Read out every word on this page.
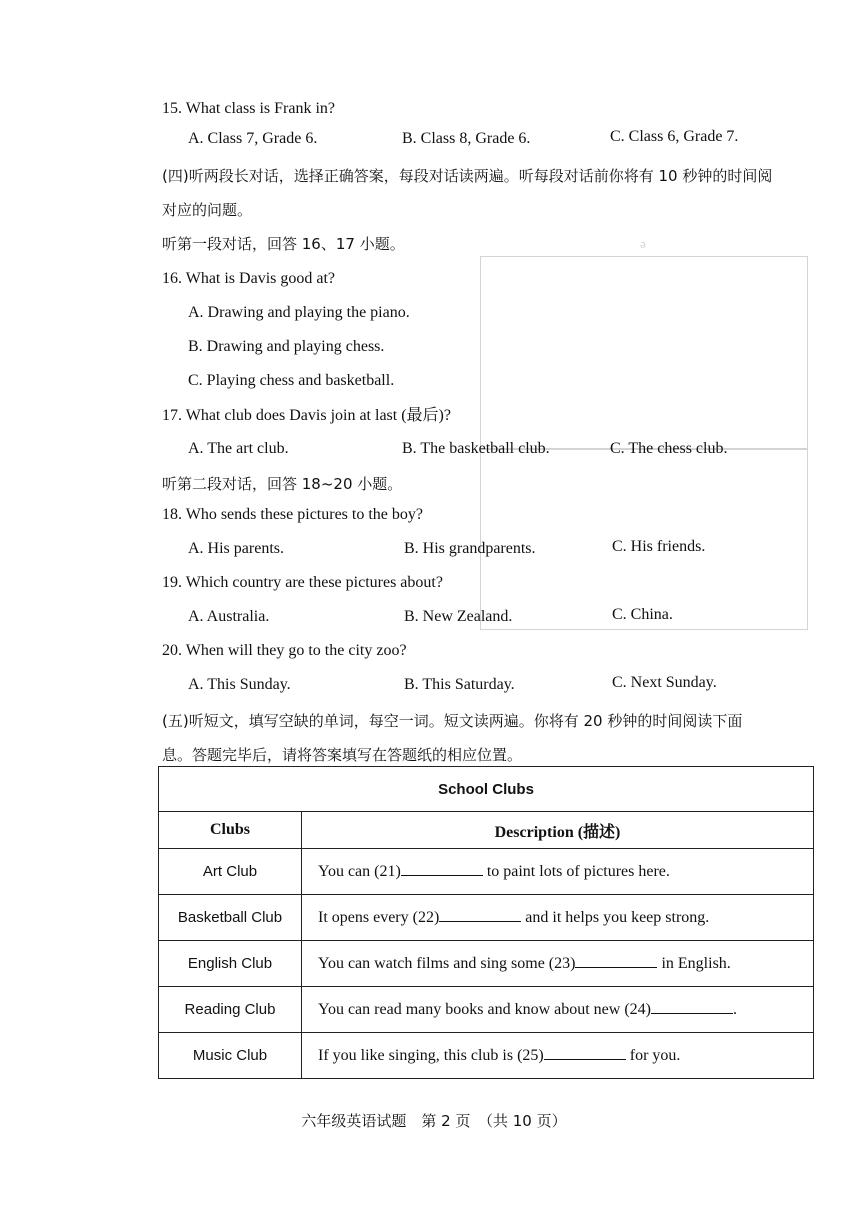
ǝ
15. What class is Frank in?
A. Class 7, Grade 6.	B. Class 8, Grade 6.	C. Class 6, Grade 7.
(四)听两段长对话，选择正确答案，每段对话读两遍。听每段对话前你将有 10 秒钟的时间阅
对应的问题。
听第一段对话，回答 16、17 小题。
16. What is Davis good at?
A. Drawing and playing the piano.
B. Drawing and playing chess.
C. Playing chess and basketball.
17. What club does Davis join at last (最后)?
A. The art club.	B. The basketball club.	C. The chess club.
听第二段对话，回答 18~20 小题。
18. Who sends these pictures to the boy?
A. His parents.	B. His grandparents.	C. His friends.
19. Which country are these pictures about?
A. Australia.	B. New Zealand.	C. China.
20. When will they go to the city zoo?
A. This Sunday.	B. This Saturday.	C. Next Sunday.
(五)听短文，填写空缺的单词，每空一词。短文读两遍。你将有 20 秒钟的时间阅读下面
息。答题完毕后，请将答案填写在答题纸的相应位置。
School Clubs	
Clubs	Description (描述)
Art Club	You can (21) to paint lots of pictures here.
Basketball Club	It opens every (22) and it helps you keep strong.
English Club	You can watch films and sing some (23) in English.
Reading Club	You can read many books and know about new (24) .
Music Club	If you like singing, this club is (25) for you.
六年级英语试题　第 2 页　（共 10 页）
